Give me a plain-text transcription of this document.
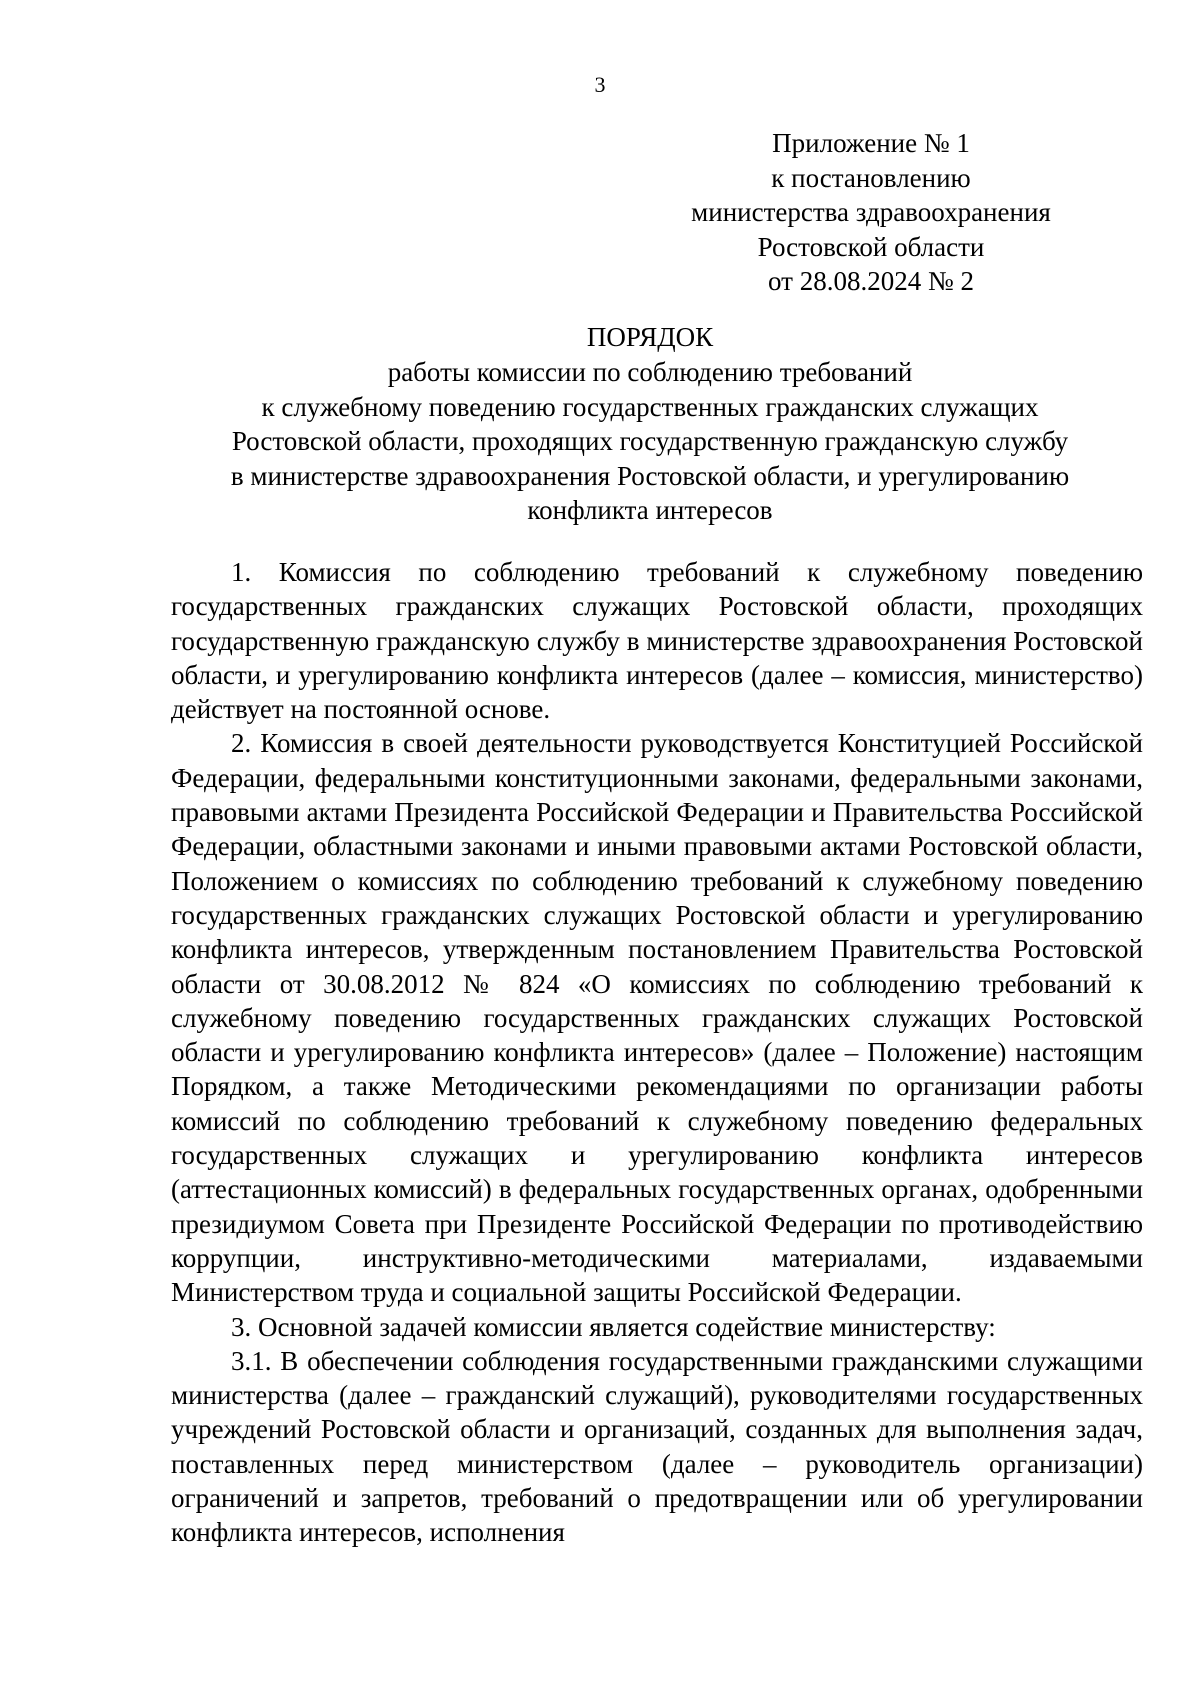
3
Приложение № 1
к постановлению
министерства здравоохранения
Ростовской области
от 28.08.2024 № 2
ПОРЯДОК
работы комиссии по соблюдению требований
к служебному поведению государственных гражданских служащих
Ростовской области, проходящих государственную гражданскую службу
в министерстве здравоохранения Ростовской области, и урегулированию
конфликта интересов

1. Комиссия по соблюдению требований к служебному поведению государственных гражданских служащих Ростовской области, проходящих государственную гражданскую службу в министерстве здравоохранения Ростовской области, и урегулированию конфликта интересов (далее – комиссия, министерство) действует на постоянной основе.

2. Комиссия в своей деятельности руководствуется Конституцией Российской Федерации, федеральными конституционными законами, федеральными законами, правовыми актами Президента Российской Федерации и Правительства Российской Федерации, областными законами и иными правовыми актами Ростовской области, Положением о комиссиях по соблюдению требований к служебному поведению государственных гражданских служащих Ростовской области и урегулированию конфликта интересов, утвержденным постановлением Правительства Ростовской области от 30.08.2012 № 824 «О комиссиях по соблюдению требований к служебному поведению государственных гражданских служащих Ростовской области и урегулированию конфликта интересов» (далее – Положение) настоящим Порядком, а также Методическими рекомендациями по организации работы комиссий по соблюдению требований к служебному поведению федеральных государственных служащих и урегулированию конфликта интересов (аттестационных комиссий) в федеральных государственных органах, одобренными президиумом Совета при Президенте Российской Федерации по противодействию коррупции, инструктивно-методическими материалами, издаваемыми Министерством труда и социальной защиты Российской Федерации.

3. Основной задачей комиссии является содействие министерству:

3.1. В обеспечении соблюдения государственными гражданскими служащими министерства (далее – гражданский служащий), руководителями государственных учреждений Ростовской области и организаций, созданных для выполнения задач, поставленных перед министерством (далее – руководитель организации) ограничений и запретов, требований о предотвращении или об урегулировании конфликта интересов, исполнения
